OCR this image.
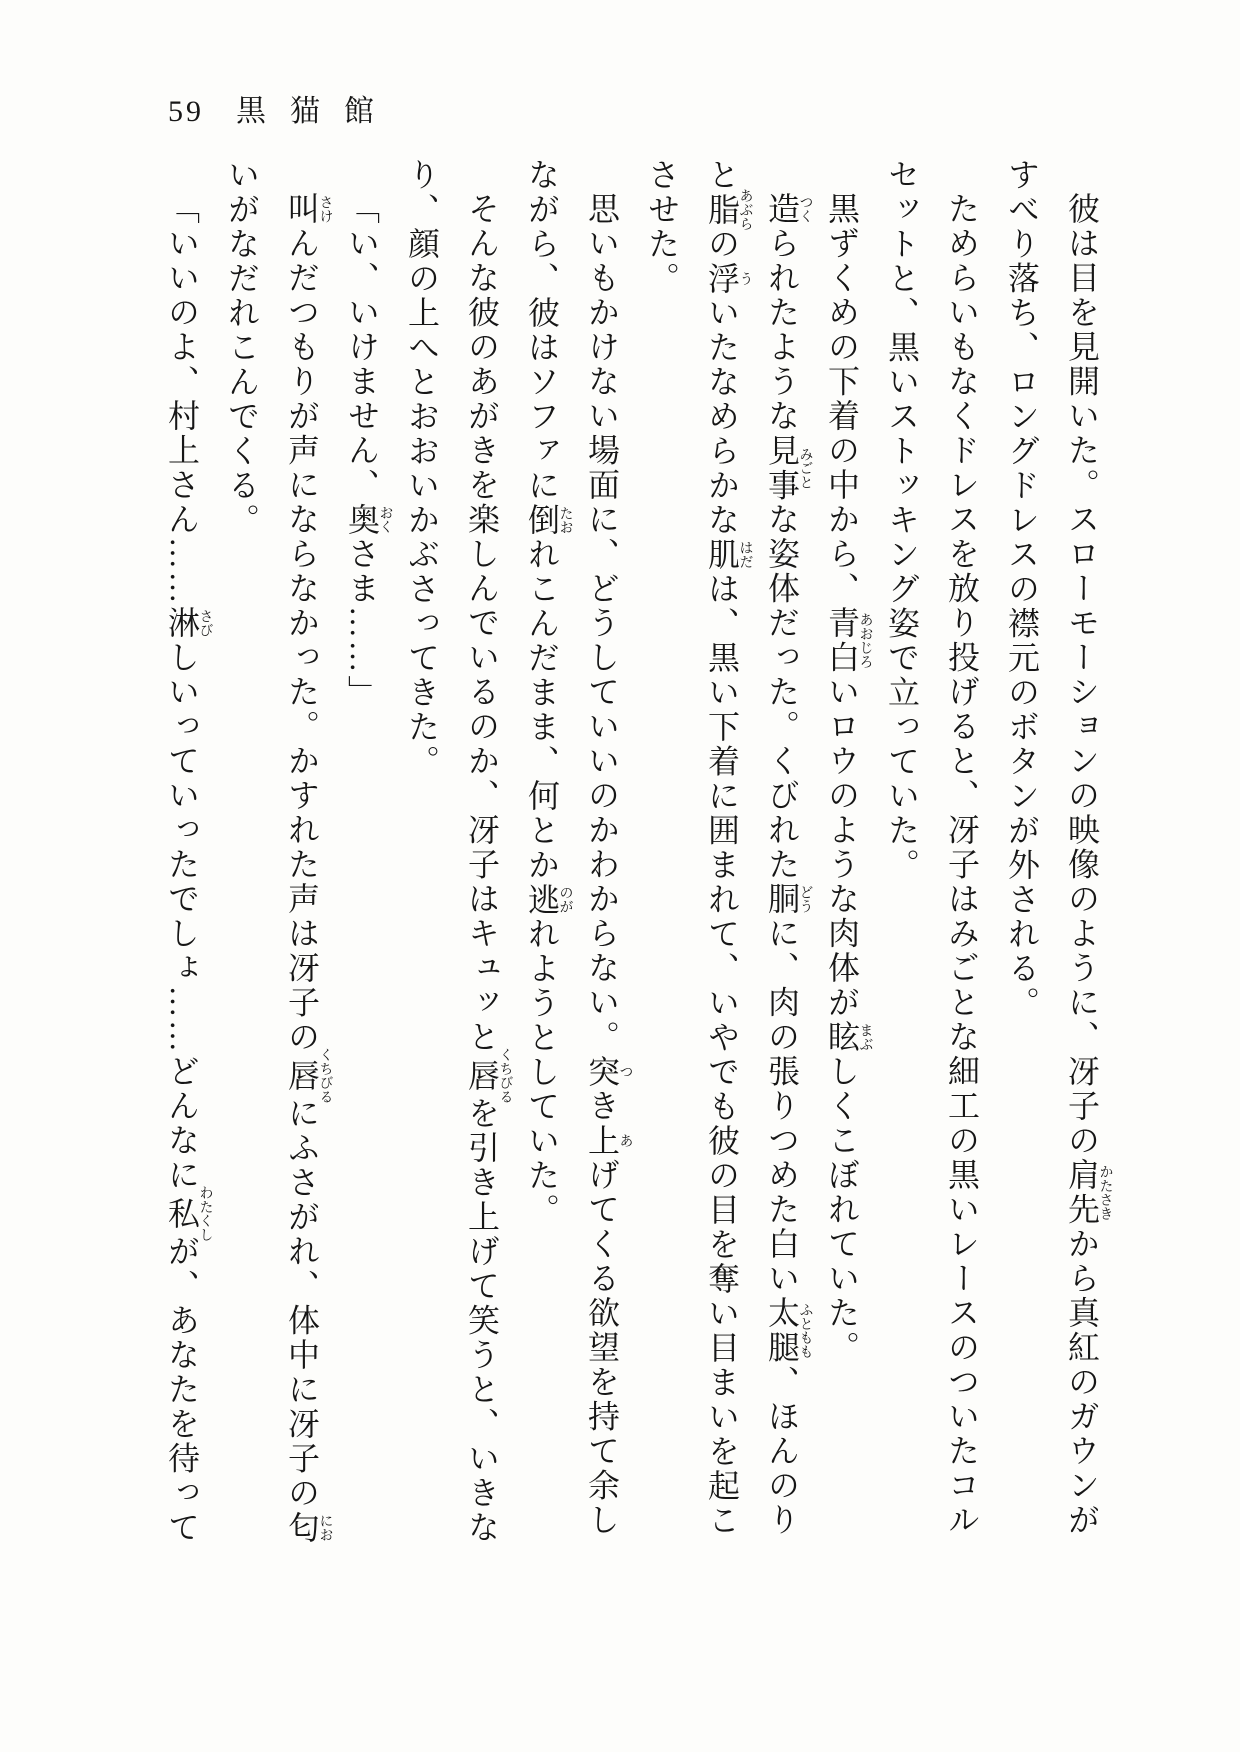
59 黒猫館
彼は目を見開いた。スローモーションの映像のように、冴子の肩先かたさきから真紅のガウンが
すべり落ち、ロングドレスの襟元のボタンが外される。
ためらいもなくドレスを放り投げると、冴子はみごとな細工の黒いレースのついたコル
セットと、黒いストッキング姿で立っていた。
黒ずくめの下着の中から、青白あおじろいロウのような肉体が眩まぶしくこぼれていた。
造つくられたような見事みごとな姿体だった。くびれた胴どうに、肉の張りつめた白い太腿ふともも、ほんのり
と脂あぶらの浮ういたなめらかな肌はだは、黒い下着に囲まれて、いやでも彼の目を奪い目まいを起こ
させた。
思いもかけない場面に、どうしていいのかわからない。突つき上あげてくる欲望を持て余し
ながら、彼はソファに倒たおれこんだまま、何とか逃のがれようとしていた。
そんな彼のあがきを楽しんでいるのか、冴子はキュッと唇くちびるを引き上げて笑うと、いきな
り、顔の上へとおおいかぶさってきた。
「い、いけません、奥おくさま……」
叫さけんだつもりが声にならなかった。かすれた声は冴子の唇くちびるにふさがれ、体中に冴子の匂にお
いがなだれこんでくる。
「いいのよ、村上さん……淋さびしいっていったでしょ……どんなに私わたくしが、あなたを待って
